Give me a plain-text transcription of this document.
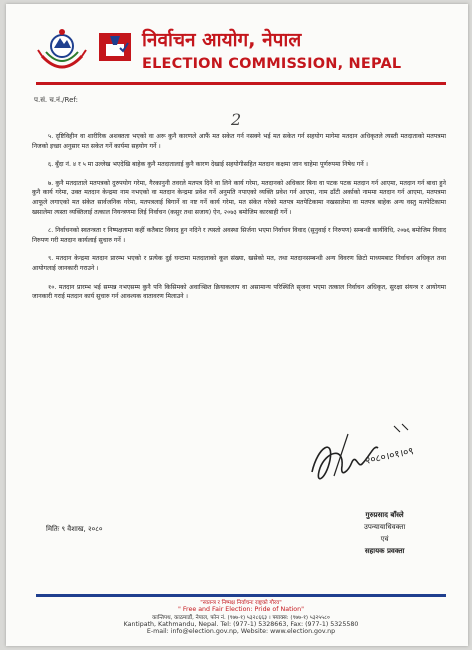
निर्वाचन आयोग, नेपाल
ELECTION COMMISSION, NEPAL
प.सं. च.नं./Ref:
2

५. दृष्टिविहीन वा शारीरिक अशक्तता भएको वा अरू कुनै कारणले आफैं मत सकेत गर्न नसक्ने भई मत सकेत गर्न सहयोग मागेमा मतदान अधिकृतले त्यस्ती मतदाताको मतपत्रमा निजको इच्छा अनुसार मत सकेत गर्ने कार्यमा सहयोग गर्ने ।

६. बुँदा नं. ४ र ५ मा उल्लेख भएदेखि बाहेक कुनै मतदातालाई कुनै कारण देखाई सहयोगीसहित मतदान कक्षमा जान चाहेमा पूर्णरुपमा निषेध गर्ने ।

७. कुनै मतदाताले मतपत्रको दुरुपयोग गरेमा, गैरकानुनी तवरले मतपत्र दिने वा लिने कार्य गरेमा, मतदानको अधिकार बिना वा पटक पटक मतदान गर्न आएमा, मतदान गर्न बाधा हुने कुनै कार्य गरेमा, उक्त मतदान केन्द्रमा नाम नभएको वा मतदान केन्द्रमा प्रवेश गर्ने अनुमति नपाएको व्यक्ति प्रवेश गर्न आएमा, नाम ढाँटी अर्काको नाममा मतदान गर्न आएमा, मतपत्रमा आफूले लगाएको मत संकेत सार्वजनिक गरेमा, मतपत्रलाई बिगार्ने वा नष्ट गर्ने कार्य गरेमा, मत संकेत गरेको मतपत्र मतपेटिकामा नखसालेमा वा मतपत्र बाहेक अन्य वस्तु मतपेटिकामा खसालेमा त्यस्ता व्यक्तिलाई तत्काल नियन्त्रणमा लिई निर्वाचन (कसुर तथा सजाय) ऐन, २०७३ बमोजिम कारबाही गर्ने ।

८. निर्वाचनको स्वतन्त्रता र निष्पक्षतामा कहीं कतैबाट विवाद हुन नदिने र त्यस्तो अवस्था सिर्जना भएमा निर्वाचन विवाद (सुनुवाई र निरुपण) सम्बन्धी कार्यविधि, २०७६ बमोजिम विवाद निरुपण गरी मतदान कार्यलाई सुचारु गर्ने ।

९. मतदान केन्द्रमा मतदान प्रारम्भ भएको र प्रत्येक दुई घन्टामा मतदाताको कूल संख्या, खसेको मत, तथा मतदानसम्बन्धी अन्य विवरण छिटो माध्यमबाट निर्वाचन अधिकृत तथा आयोगलाई जानकारी गराउने ।

१०. मतदान प्रारम्भ भई सम्पन्न नभएसम्म कुनै पनि किसिमको अवाञ्छित क्रियाकलाप वा असामान्य परिस्थिति सृजना भएमा तत्काल निर्वाचन अधिकृत, सुरक्षा संयन्त्र र आयोगमा जानकारी गराई मतदान कार्य सुचारु गर्न आवश्यक वातावरण मिलाउने ।

मितिः ९ वैशाख, २०८०
२०८०।०१।०९
गुरुप्रसाद बाँस्ले
उपन्यायाधिवक्ता
एवं
सहायक प्रवक्ता
"स्वतन्त्र र निष्पक्ष निर्वाचनः राष्ट्रको गौरव"
" Free and Fair Election: Pride of Nation"
कान्तिपथ, काठमाडौं, नेपाल, फोन नं. (९७७-१) ५३२८६६३ । फ्याक्स: (९७७-१) ५३२५५८०
Kantipath, Kathmandu, Nepal. Tel: (977-1) 5328663, Fax: (977-1) 5325580
E-mail: info@election.gov.np, Website: www.election.gov.np
